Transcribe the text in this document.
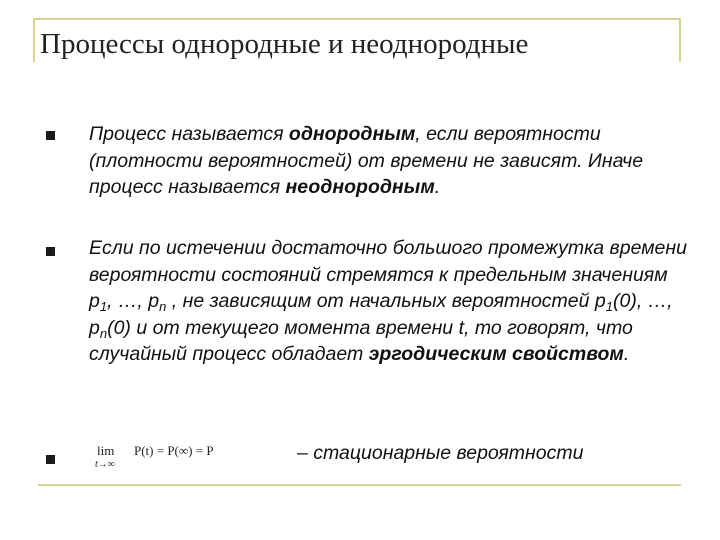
Процессы однородные и неоднородные
Процесс называется однородным, если вероятности (плотности вероятностей) от времени не зависят. Иначе процесс называется неоднородным.
Если по истечении достаточно большого промежутка времени вероятности состояний стремятся к предельным значениям $p_1$, …, $p_n$ , не зависящим от начальных вероятностей $p_1(0)$, …, $p_n(0)$ и от текущего момента времени t, то говорят, что случайный процесс обладает эргодическим свойством.
lim
t→∞
P(t) = P(∞) = P	– стационарные вероятности
